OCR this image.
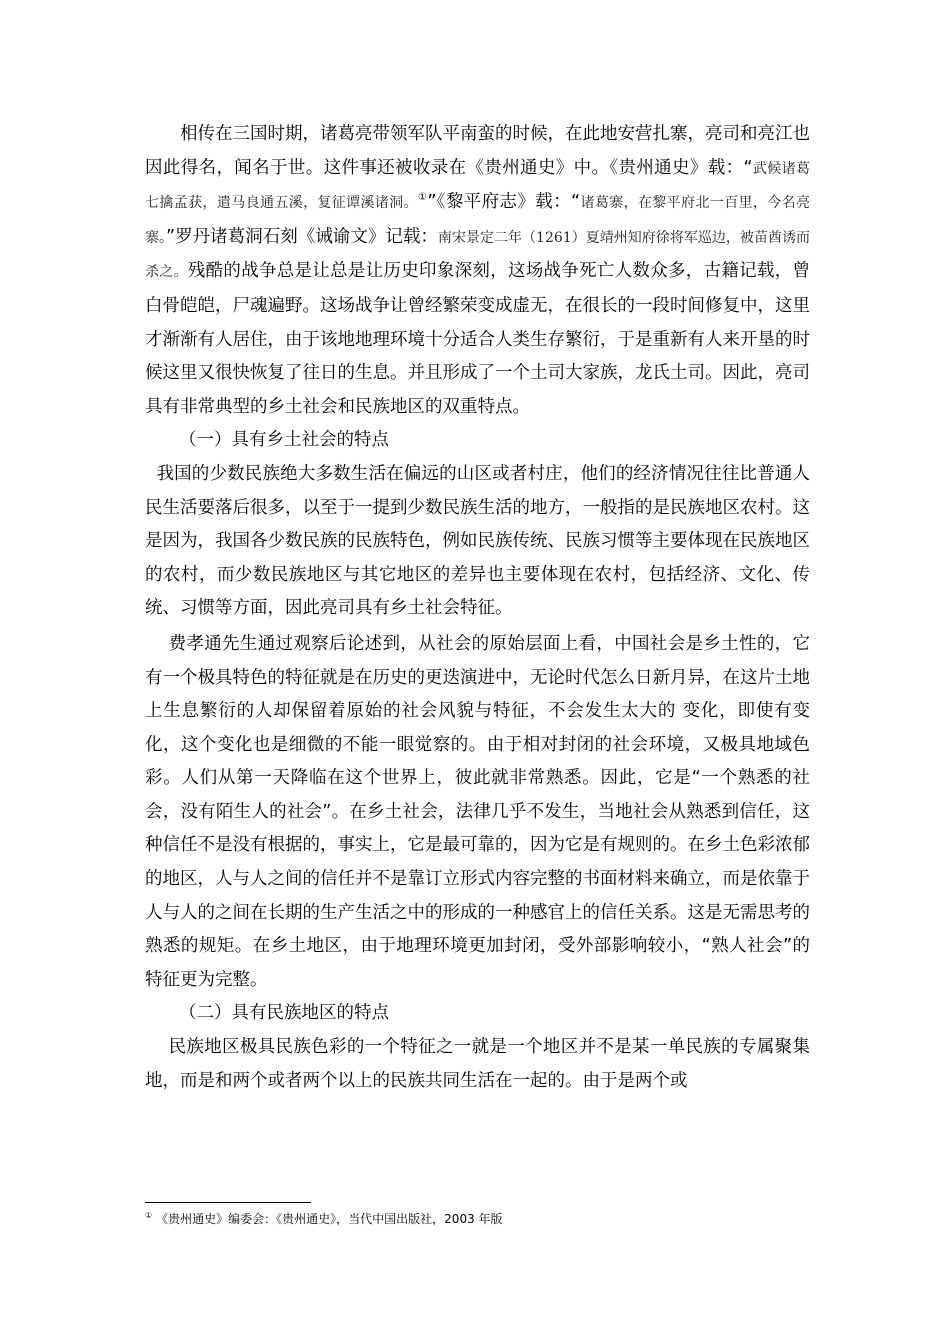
　　相传在三国时期，诸葛亮带领军队平南蛮的时候，在此地安营扎寨，亮司和亮江也因此得名，闻名于世。这件事还被收录在《贵州通史》中。《贵州通史》载：“武候诸葛七擒孟获，遣马良通五溪，复征谭溪诸洞。①”《黎平府志》载：“诸葛寨，在黎平府北一百里，今名亮寨。”罗丹诸葛洞石刻《诫谕文》记载：南宋景定二年（1261）夏靖州知府徐将军巡边，被苗酋诱而杀之。残酷的战争总是让总是让历史印象深刻，这场战争死亡人数众多，古籍记载，曾白骨皑皑，尸魂遍野。这场战争让曾经繁荣变成虚无，在很长的一段时间修复中，这里才渐渐有人居住，由于该地地理环境十分适合人类生存繁衍，于是重新有人来开垦的时候这里又很快恢复了往日的生息。并且形成了一个土司大家族，龙氏土司。因此，亮司具有非常典型的乡土社会和民族地区的双重特点。

（一）具有乡土社会的特点

我国的少数民族绝大多数生活在偏远的山区或者村庄，他们的经济情况往往比普通人民生活要落后很多，以至于一提到少数民族生活的地方，一般指的是民族地区农村。这是因为，我国各少数民族的民族特色，例如民族传统、民族习惯等主要体现在民族地区的农村，而少数民族地区与其它地区的差异也主要体现在农村，包括经济、文化、传统、习惯等方面，因此亮司具有乡土社会特征。

费孝通先生通过观察后论述到，从社会的原始层面上看，中国社会是乡土性的，它有一个极具特色的特征就是在历史的更迭演进中，无论时代怎么日新月异，在这片土地上生息繁衍的人却保留着原始的社会风貌与特征，不会发生太大的 变化，即使有变化，这个变化也是细微的不能一眼觉察的。由于相对封闭的社会环境，又极具地域色彩。人们从第一天降临在这个世界上，彼此就非常熟悉。因此，它是“一个熟悉的社会，没有陌生人的社会”。在乡土社会，法律几乎不发生，当地社会从熟悉到信任，这种信任不是没有根据的，事实上，它是最可靠的，因为它是有规则的。在乡土色彩浓郁的地区，人与人之间的信任并不是靠订立形式内容完整的书面材料来确立，而是依靠于人与人的之间在长期的生产生活之中的形成的一种感官上的信任关系。这是无需思考的熟悉的规矩。在乡土地区，由于地理环境更加封闭，受外部影响较小，“熟人社会”的特征更为完整。

（二）具有民族地区的特点

民族地区极具民族色彩的一个特征之一就是一个地区并不是某一单民族的专属聚集地，而是和两个或者两个以上的民族共同生活在一起的。由于是两个或

① 《贵州通史》编委会：《贵州通史》，当代中国出版社，2003 年版
